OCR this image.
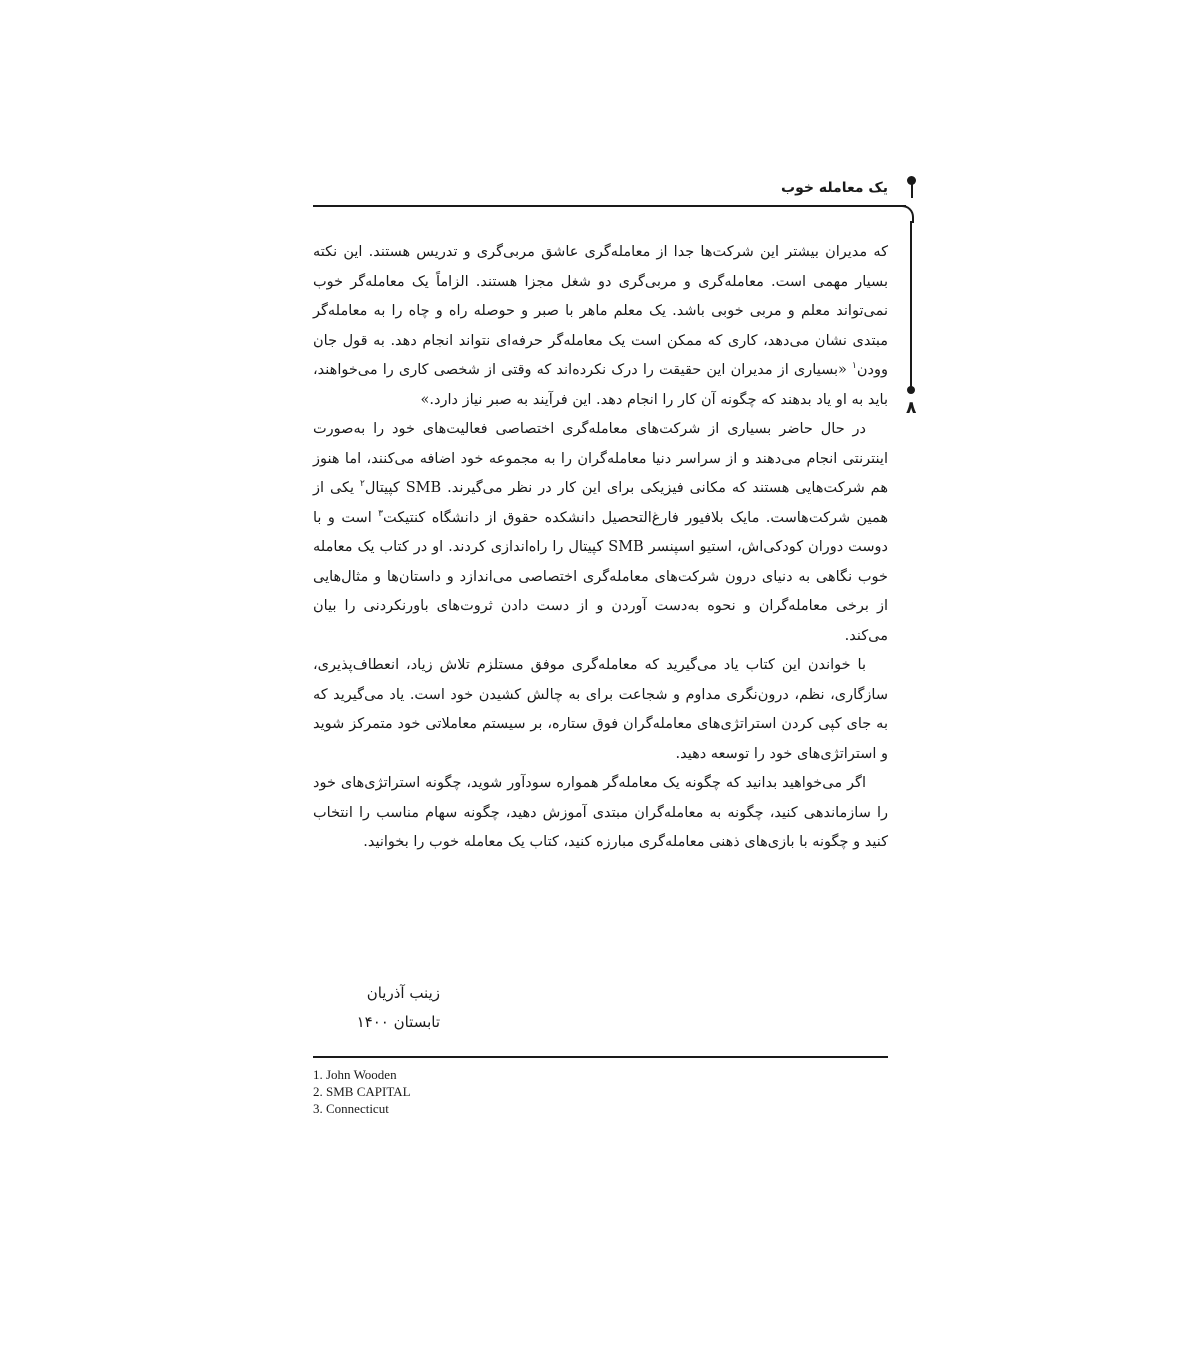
یک معامله خوب
۸

که مدیران بیشتر این شرکت‌ها جدا از معامله‌گری عاشق مربی‌گری و تدریس هستند. این نکته بسیار مهمی است. معامله‌گری و مربی‌گری دو شغل مجزا هستند. الزاماً یک معامله‌گر خوب نمی‌تواند معلم و مربی خوبی باشد. یک معلم ماهر با صبر و حوصله راه و چاه را به معامله‌گر مبتدی نشان می‌دهد، کاری که ممکن است یک معامله‌گر حرفه‌ای نتواند انجام دهد. به قول جان وودن$^۱$ «بسیاری از مدیران این حقیقت را درک نکرده‌اند که وقتی از شخصی کاری را می‌خواهند، باید به او یاد بدهند که چگونه آن کار را انجام دهد. این فرآیند به صبر نیاز دارد.»

در حال حاضر بسیاری از شرکت‌های معامله‌گری اختصاصی فعالیت‌های خود را به‌صورت اینترنتی انجام می‌دهند و از سراسر دنیا معامله‌گران را به مجموعه خود اضافه می‌کنند، اما هنوز هم شرکت‌هایی هستند که مکانی فیزیکی برای این کار در نظر می‌گیرند. SMB کپیتال$^۲$ یکی از همین شرکت‌هاست. مایک بلافیور فارغ‌التحصیل دانشکده حقوق از دانشگاه کنتیکت$^۳$ است و با دوست دوران کودکی‌اش، استیو اسپنسر SMB کپیتال را راه‌اندازی کردند. او در کتاب یک معامله خوب نگاهی به دنیای درون شرکت‌های معامله‌گری اختصاصی می‌اندازد و داستان‌ها و مثال‌هایی از برخی معامله‌گران و نحوه به‌دست آوردن و از دست دادن ثروت‌های باورنکردنی را بیان می‌کند.

با خواندن این کتاب یاد می‌گیرید که معامله‌گری موفق مستلزم تلاش زیاد، انعطاف‌پذیری، سازگاری، نظم، درون‌نگری مداوم و شجاعت برای به چالش کشیدن خود است. یاد می‌گیرید که به جای کپی کردن استراتژی‌های معامله‌گران فوق ستاره، بر سیستم معاملاتی خود متمرکز شوید و استراتژی‌های خود را توسعه دهید.

اگر می‌خواهید بدانید که چگونه یک معامله‌گر همواره سودآور شوید، چگونه استراتژی‌های خود را سازماندهی کنید، چگونه به معامله‌گران مبتدی آموزش دهید، چگونه سهام مناسب را انتخاب کنید و چگونه با بازی‌های ذهنی معامله‌گری مبارزه کنید، کتاب یک معامله خوب را بخوانید.

زینب آذریان
تابستان ۱۴۰۰
1. John Wooden
2. SMB CAPITAL
3. Connecticut
